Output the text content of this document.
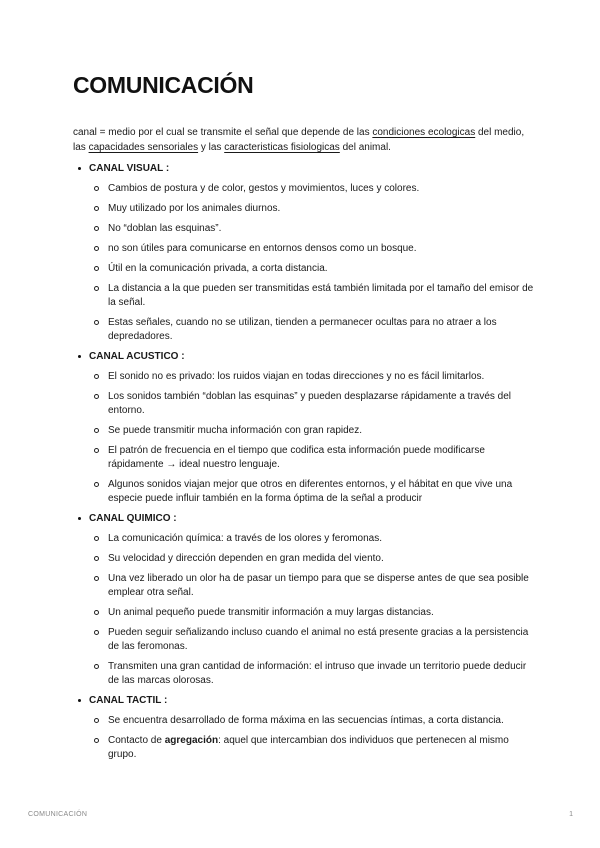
COMUNICACIÓN

canal = medio por el cual se transmite el señal que depende de las condiciones ecologicas del medio, las capacidades sensoriales y las caracteristicas fisiologicas del animal.

CANAL VISUAL :
Cambios de postura y de color, gestos y movimientos, luces y colores.
Muy utilizado por los animales diurnos.
No “doblan las esquinas”.
no son útiles para comunicarse en entornos densos como un bosque.
Útil en la comunicación privada, a corta distancia.
La distancia a la que pueden ser transmitidas está también limitada por el tamaño del emisor de la señal.
Estas señales, cuando no se utilizan, tienden a permanecer ocultas para no atraer a los depredadores.
CANAL ACUSTICO :
El sonido no es privado: los ruidos viajan en todas direcciones y no es fácil limitarlos.
Los sonidos también “doblan las esquinas” y pueden desplazarse rápidamente a través del entorno.
Se puede transmitir mucha información con gran rapidez.
El patrón de frecuencia en el tiempo que codifica esta información puede modificarse rápidamente → ideal nuestro lenguaje.
Algunos sonidos viajan mejor que otros en diferentes entornos, y el hábitat en que vive una especie puede influir también en la forma óptima de la señal a producir
CANAL QUIMICO :
La comunicación química: a través de los olores y feromonas.
Su velocidad y dirección dependen en gran medida del viento.
Una vez liberado un olor ha de pasar un tiempo para que se disperse antes de que sea posible emplear otra señal.
Un animal pequeño puede transmitir información a muy largas distancias.
Pueden seguir señalizando incluso cuando el animal no está presente gracias a la persistencia de las feromonas.
Transmiten una gran cantidad de información: el intruso que invade un territorio puede deducir de las marcas olorosas.
CANAL TACTIL :
Se encuentra desarrollado de forma máxima en las secuencias íntimas, a corta distancia.
Contacto de agregación: aquel que intercambian dos individuos que pertenecen al mismo grupo.
COMUNICACIÓN	1
